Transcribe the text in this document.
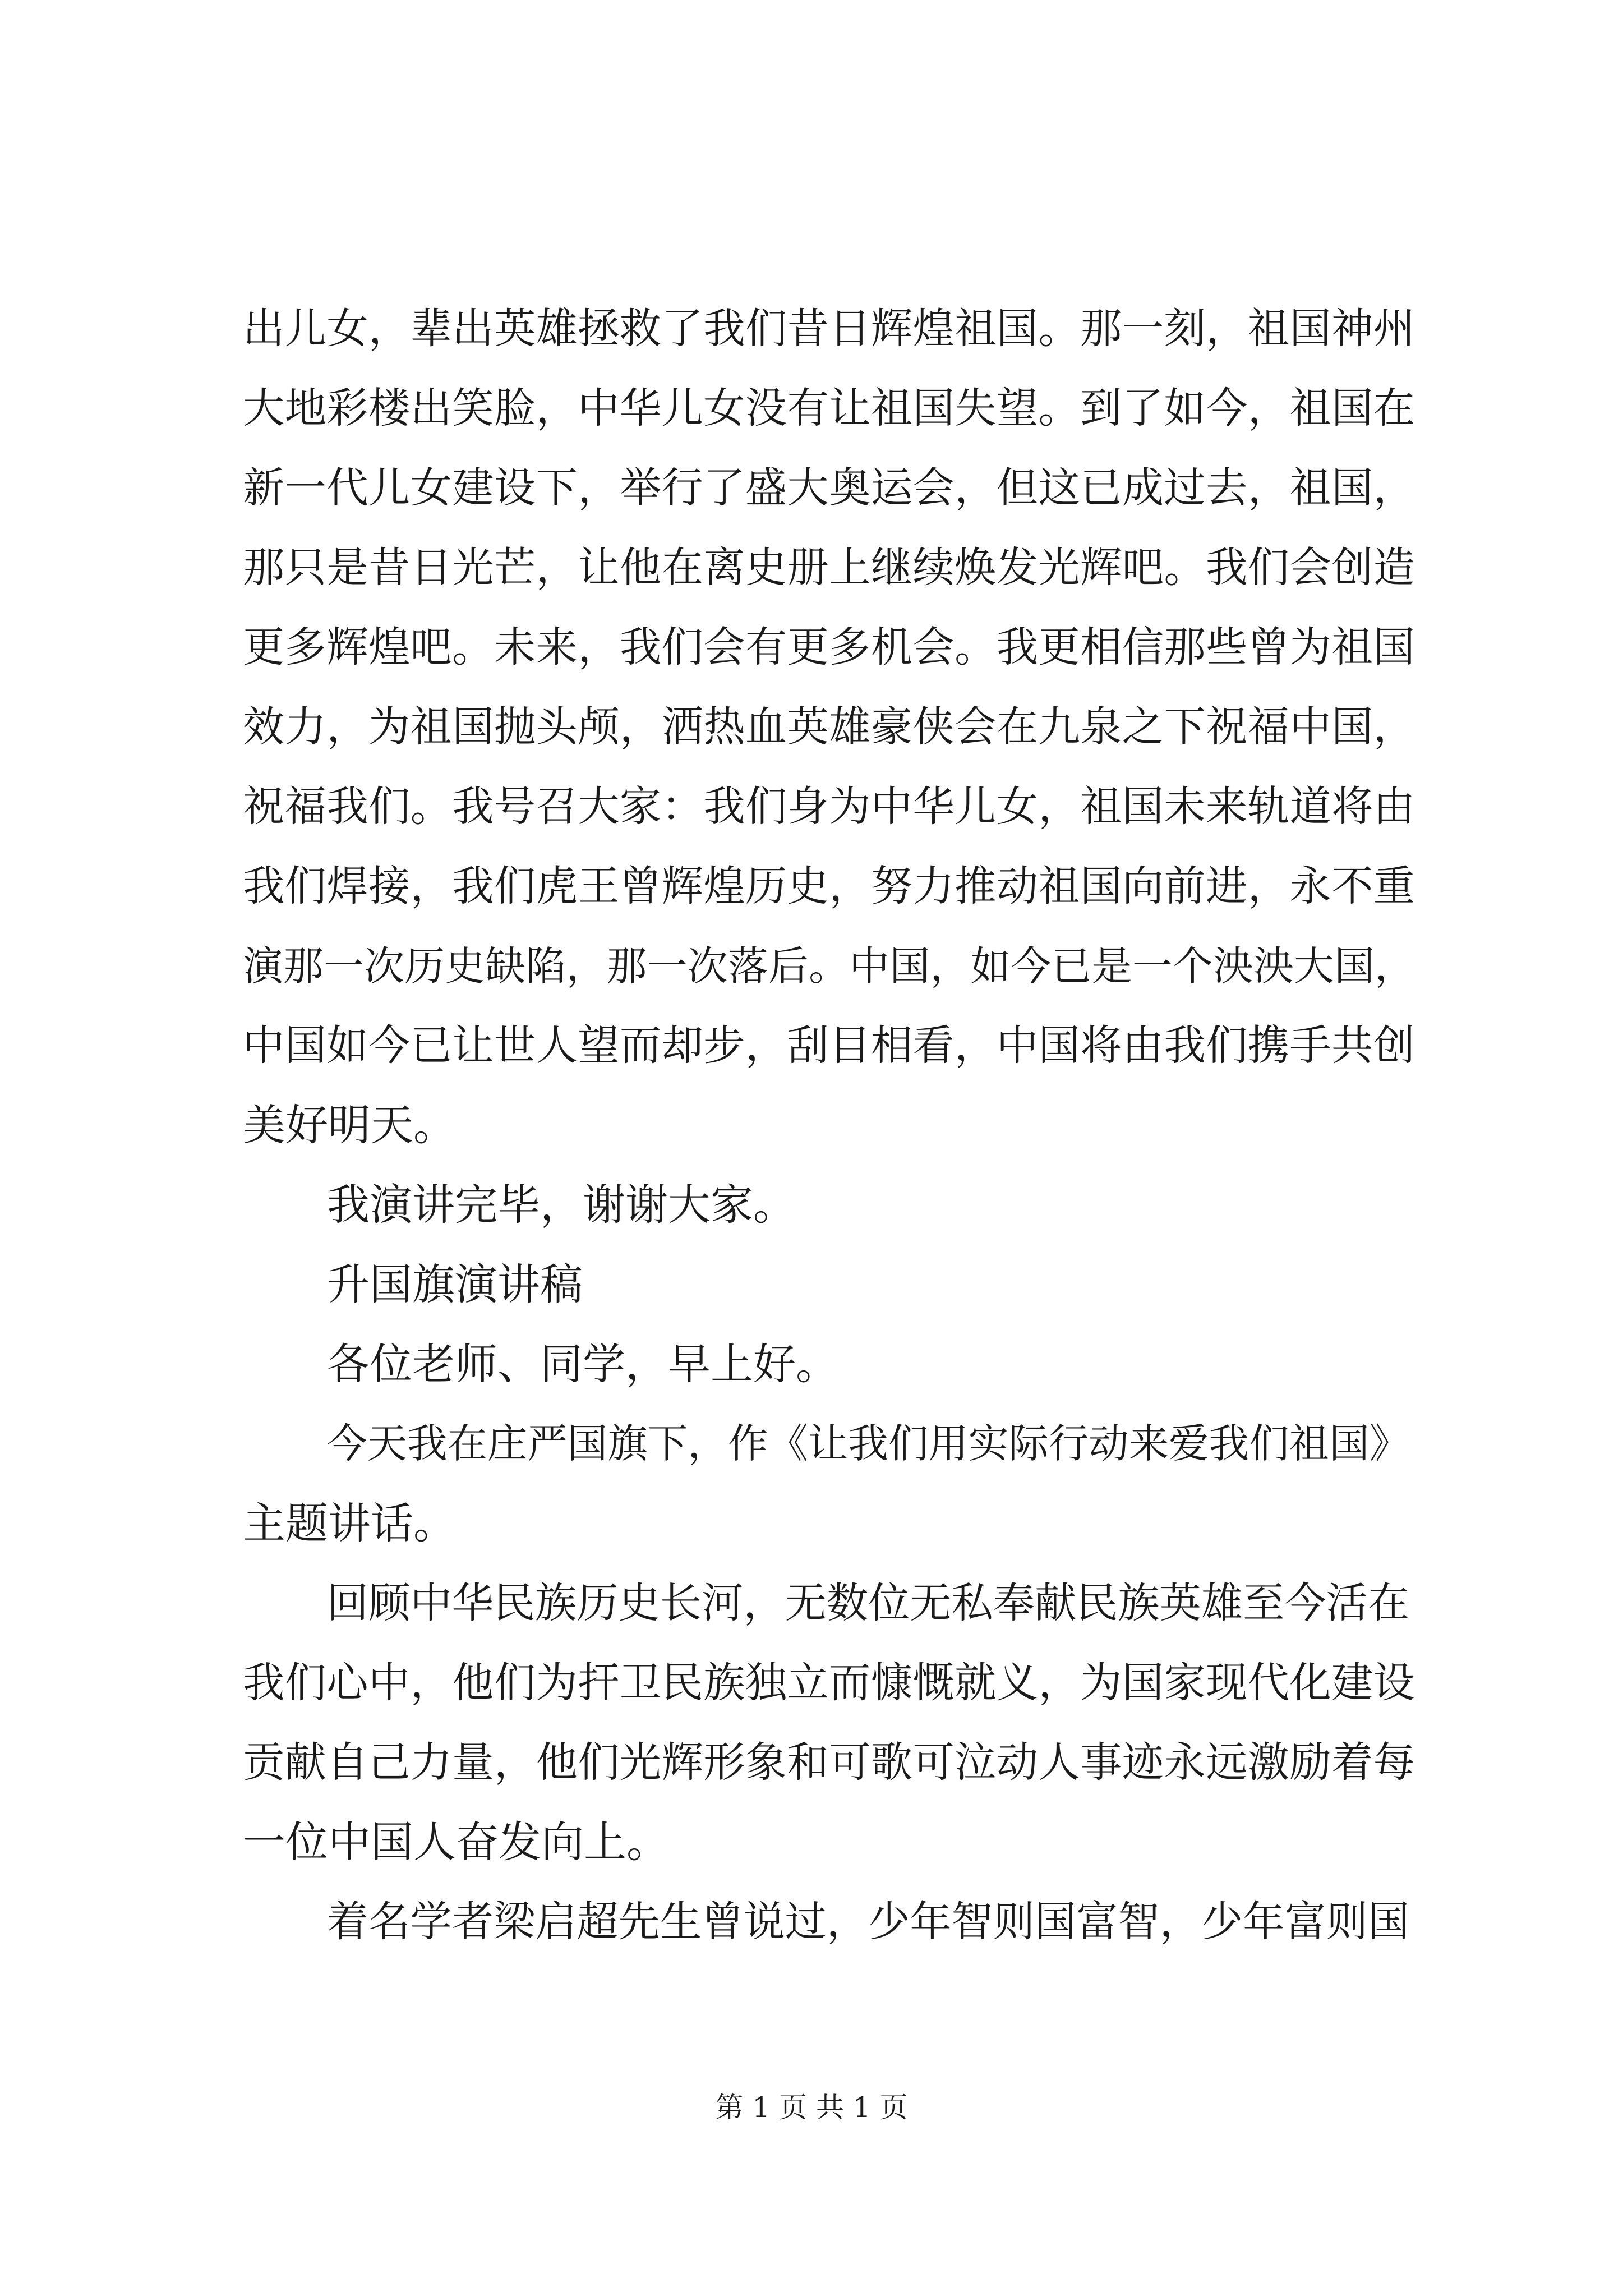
出儿女，辈出英雄拯救了我们昔日辉煌祖国。那一刻，祖国神州
大地彩楼出笑脸，中华儿女没有让祖国失望。到了如今，祖国在
新一代儿女建设下，举行了盛大奥运会，但这已成过去，祖国，
那只是昔日光芒，让他在离史册上继续焕发光辉吧。我们会创造
更多辉煌吧。未来，我们会有更多机会。我更相信那些曾为祖国
效力，为祖国抛头颅，洒热血英雄豪侠会在九泉之下祝福中国，
祝福我们。我号召大家：我们身为中华儿女，祖国未来轨道将由
我们焊接，我们虎王曾辉煌历史，努力推动祖国向前进，永不重
演那一次历史缺陷，那一次落后。中国，如今已是一个泱泱大国，
中国如今已让世人望而却步，刮目相看，中国将由我们携手共创
美好明天。
我演讲完毕，谢谢大家。
升国旗演讲稿
各位老师、同学，早上好。
今天我在庄严国旗下，作《让我们用实际行动来爱我们祖国》
主题讲话。
回顾中华民族历史长河，无数位无私奉献民族英雄至今活在
我们心中，他们为扞卫民族独立而慷慨就义，为国家现代化建设
贡献自己力量，他们光辉形象和可歌可泣动人事迹永远激励着每
一位中国人奋发向上。
着名学者梁启超先生曾说过，少年智则国富智，少年富则国
第 1 页 共 1 页
